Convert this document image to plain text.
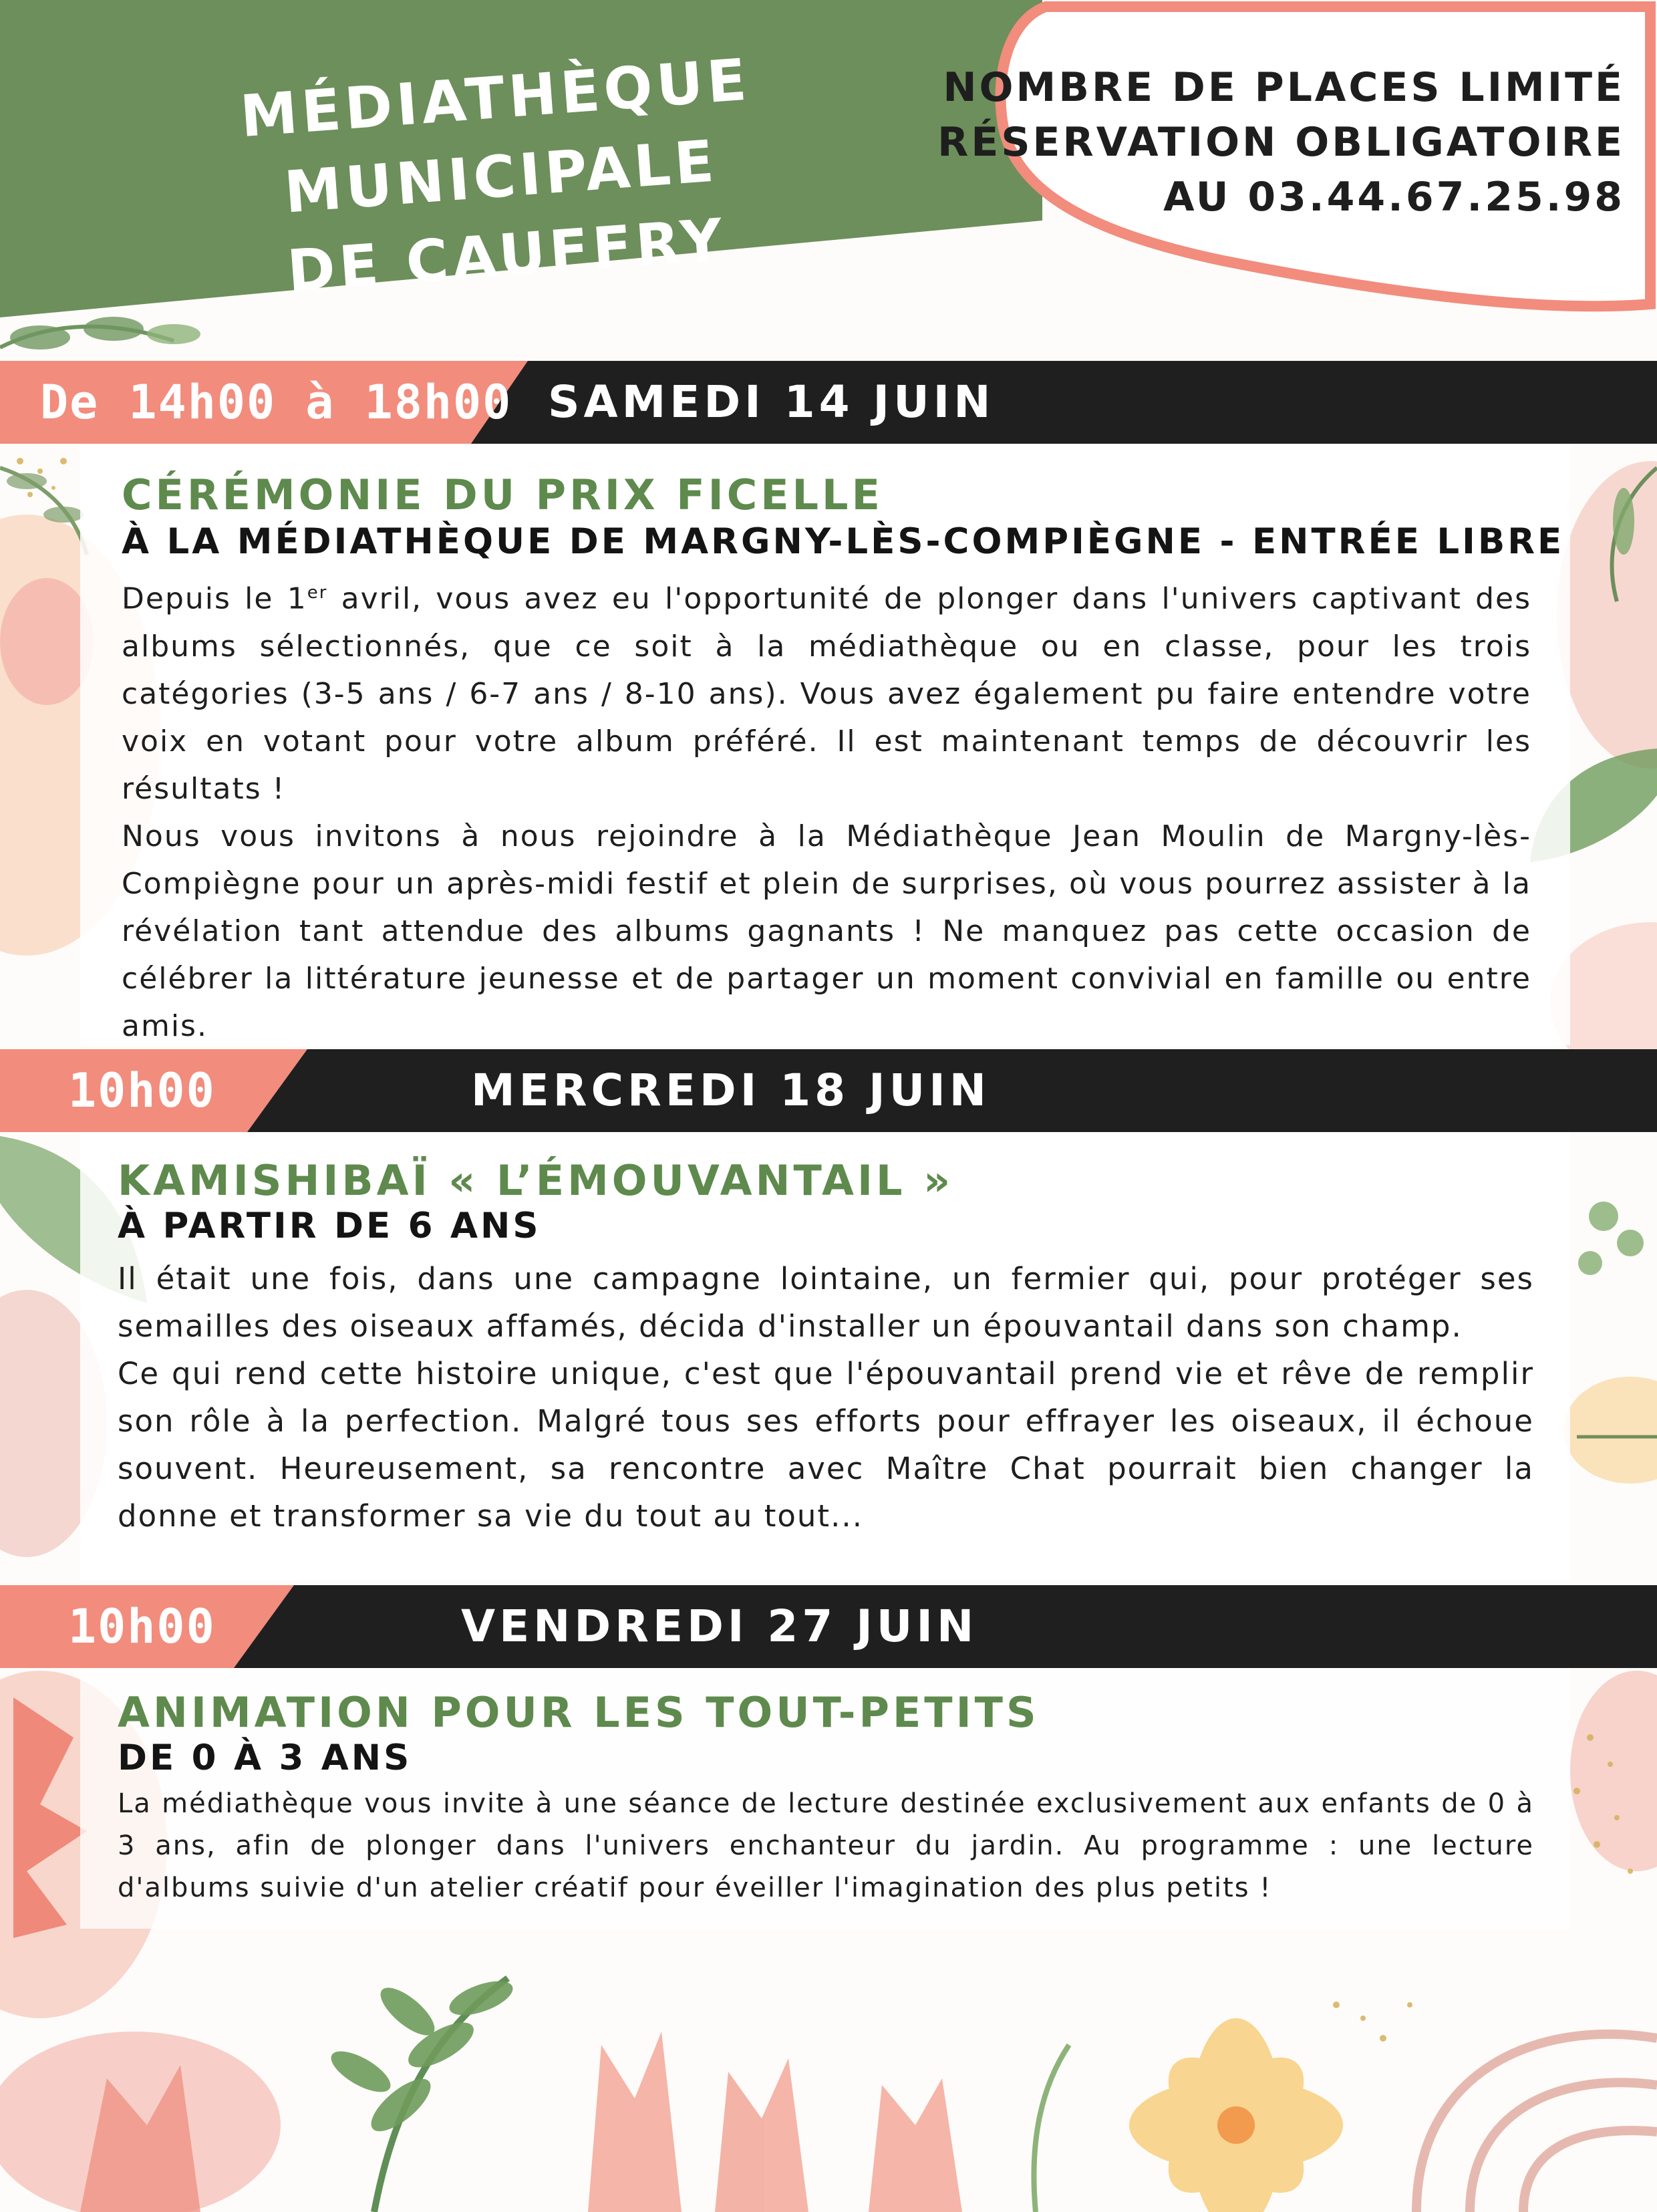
MÉDIATHÈQUE MUNICIPALE
DE CAUFFRY
NOMBRE DE PLACES LIMITÉ
RÉSERVATION OBLIGATOIRE
AU 03.44.67.25.98
De 14h00 à 18h00 SAMEDI 14 JUIN
CÉRÉMONIE DU PRIX FICELLE
À LA MÉDIATHÈQUE DE MARGNY-LÈS-COMPIÈGNE - ENTRÉE LIBRE

Depuis le 1er avril, vous avez eu l'opportunité de plonger dans l'univers captivant des albums sélectionnés, que ce soit à la médiathèque ou en classe, pour les trois catégories (3-5 ans / 6-7 ans / 8-10 ans). Vous avez également pu faire entendre votre voix en votant pour votre album préféré. Il est maintenant temps de découvrir les résultats !

Nous vous invitons à nous rejoindre à la Médiathèque Jean Moulin de Margny-lès-Compiègne pour un après-midi festif et plein de surprises, où vous pourrez assister à la révélation tant attendue des albums gagnants ! Ne manquez pas cette occasion de célébrer la littérature jeunesse et de partager un moment convivial en famille ou entre amis.

10h00	MERCREDI 18 JUIN
KAMISHIBAÏ « L’ÉMOUVANTAIL »
À PARTIR DE 6 ANS

Il était une fois, dans une campagne lointaine, un fermier qui, pour protéger ses semailles des oiseaux affamés, décida d'installer un épouvantail dans son champ.

Ce qui rend cette histoire unique, c'est que l'épouvantail prend vie et rêve de remplir son rôle à la perfection. Malgré tous ses efforts pour effrayer les oiseaux, il échoue souvent. Heureusement, sa rencontre avec Maître Chat pourrait bien changer la donne et transformer sa vie du tout au tout...

10h00	VENDREDI 27 JUIN
ANIMATION POUR LES TOUT-PETITS
DE 0 À 3 ANS

La médiathèque vous invite à une séance de lecture destinée exclusivement aux enfants de 0 à 3 ans, afin de plonger dans l'univers enchanteur du jardin. Au programme : une lecture d'albums suivie d'un atelier créatif pour éveiller l'imagination des plus petits !
